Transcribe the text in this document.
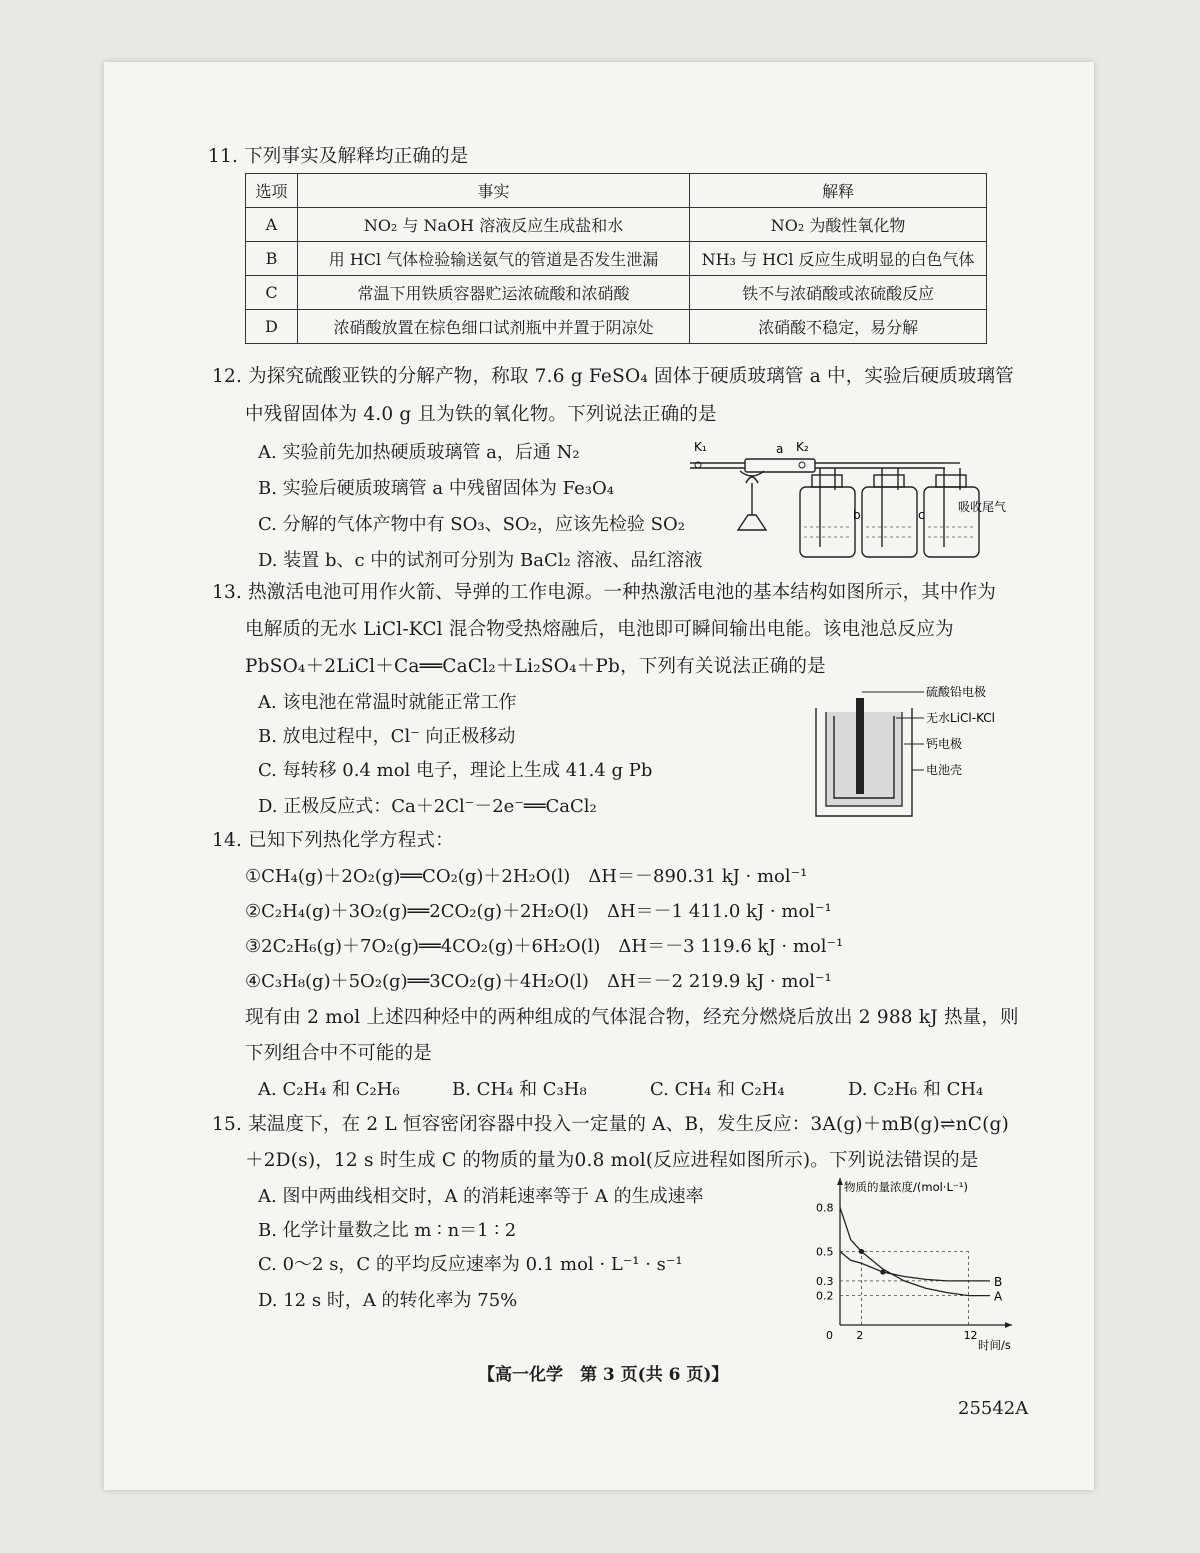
11. 下列事实及解释均正确的是
选项	事实	解释
A	NO₂ 与 NaOH 溶液反应生成盐和水	NO₂ 为酸性氧化物
B	用 HCl 气体检验输送氨气的管道是否发生泄漏	NH₃ 与 HCl 反应生成明显的白色气体
C	常温下用铁质容器贮运浓硫酸和浓硝酸	铁不与浓硝酸或浓硫酸反应
D	浓硝酸放置在棕色细口试剂瓶中并置于阴凉处	浓硝酸不稳定，易分解
12. 为探究硫酸亚铁的分解产物，称取 7.6 g FeSO₄ 固体于硬质玻璃管 a 中，实验后硬质玻璃管
中残留固体为 4.0 g 且为铁的氧化物。下列说法正确的是
A. 实验前先加热硬质玻璃管 a，后通 N₂
B. 实验后硬质玻璃管 a 中残留固体为 Fe₃O₄
C. 分解的气体产物中有 SO₃、SO₂，应该先检验 SO₂
D. 装置 b、c 中的试剂可分别为 BaCl₂ 溶液、品红溶液
K₁	a K₂
b	c
吸收尾气
13. 热激活电池可用作火箭、导弹的工作电源。一种热激活电池的基本结构如图所示，其中作为
电解质的无水 LiCl-KCl 混合物受热熔融后，电池即可瞬间输出电能。该电池总反应为
PbSO₄＋2LiCl＋Ca══CaCl₂＋Li₂SO₄＋Pb，下列有关说法正确的是
A. 该电池在常温时就能正常工作
B. 放电过程中，Cl⁻ 向正极移动
C. 每转移 0.4 mol 电子，理论上生成 41.4 g Pb
D. 正极反应式：Ca＋2Cl⁻－2e⁻══CaCl₂
硫酸铅电极
无水LiCl-KCl
钙电极
电池壳
14. 已知下列热化学方程式：
①CH₄(g)＋2O₂(g)══CO₂(g)＋2H₂O(l)　ΔH＝－890.31 kJ · mol⁻¹
②C₂H₄(g)＋3O₂(g)══2CO₂(g)＋2H₂O(l)　ΔH＝－1 411.0 kJ · mol⁻¹
③2C₂H₆(g)＋7O₂(g)══4CO₂(g)＋6H₂O(l)　ΔH＝－3 119.6 kJ · mol⁻¹
④C₃H₈(g)＋5O₂(g)══3CO₂(g)＋4H₂O(l)　ΔH＝－2 219.9 kJ · mol⁻¹
现有由 2 mol 上述四种烃中的两种组成的气体混合物，经充分燃烧后放出 2 988 kJ 热量，则
下列组合中不可能的是
A. C₂H₄ 和 C₂H₆	B. CH₄ 和 C₃H₈	C. CH₄ 和 C₂H₄	D. C₂H₆ 和 CH₄
15. 某温度下，在 2 L 恒容密闭容器中投入一定量的 A、B，发生反应：3A(g)＋mB(g)⇌nC(g)
＋2D(s)，12 s 时生成 C 的物质的量为0.8 mol(反应进程如图所示)。下列说法错误的是
A. 图中两曲线相交时，A 的消耗速率等于 A 的生成速率
B. 化学计量数之比 m ∶ n＝1 ∶ 2
C. 0～2 s，C 的平均反应速率为 0.1 mol · L⁻¹ · s⁻¹
D. 12 s 时，A 的转化率为 75%
物质的量浓度/(mol·L⁻¹)
时间/s
0.2
0.3
0.5
0.8
0 2	12
A
B
【高一化学　第 3 页(共 6 页)】
25542A
